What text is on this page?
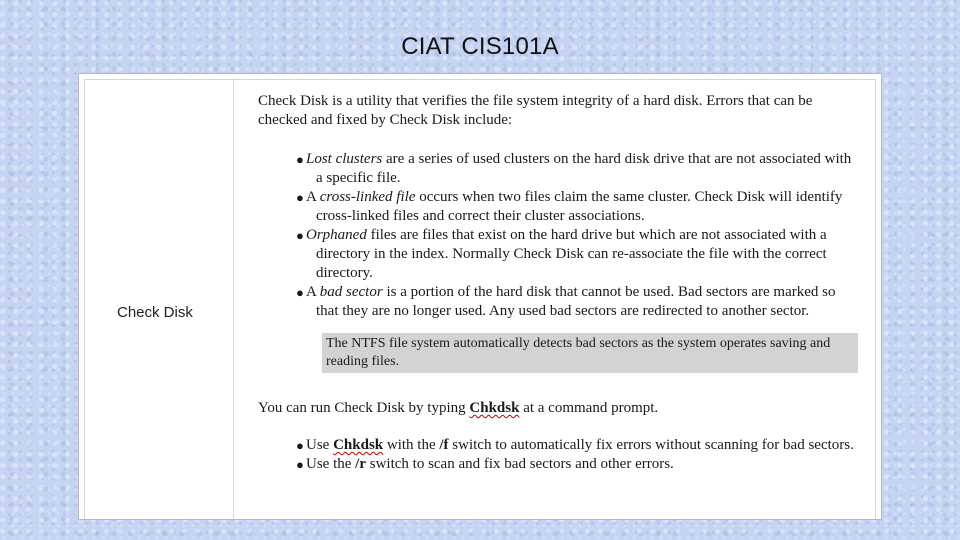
CIAT CIS101A
Check Disk

Check Disk is a utility that verifies the file system integrity of a hard disk. Errors that can be checked and fixed by Check Disk include:

● Lost clusters are a series of used clusters on the hard disk drive that are not associated with a specific file.
● A cross-linked file occurs when two files claim the same cluster. Check Disk will identify cross-linked files and correct their cluster associations.
● Orphaned files are files that exist on the hard drive but which are not associated with a directory in the index. Normally Check Disk can re-associate the file with the correct directory.
● A bad sector is a portion of the hard disk that cannot be used. Bad sectors are marked so that they are no longer used. Any used bad sectors are redirected to another sector.
The NTFS file system automatically detects bad sectors as the system operates saving and reading files.

You can run Check Disk by typing Chkdsk at a command prompt.

● Use Chkdsk with the /f switch to automatically fix errors without scanning for bad sectors.
● Use the /r switch to scan and fix bad sectors and other errors.
